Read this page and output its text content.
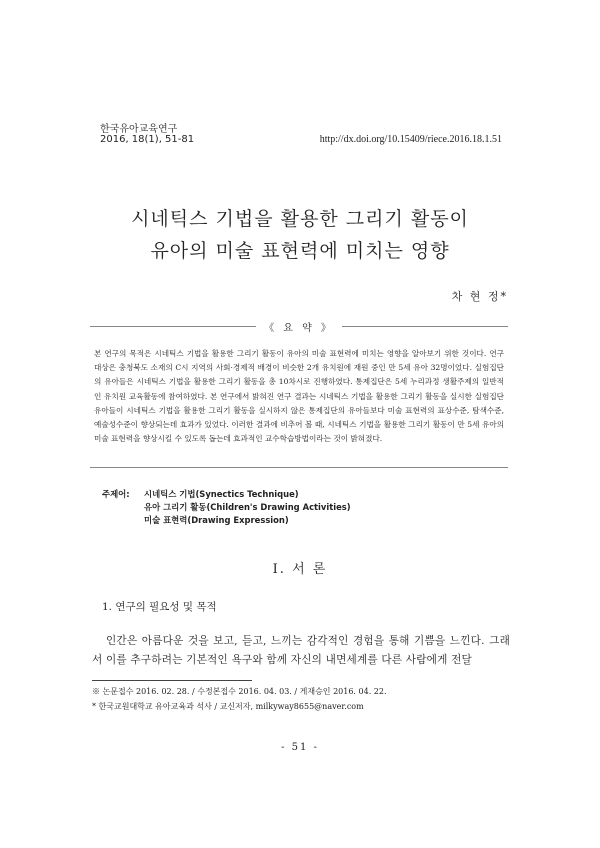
한국유아교육연구
2016, 18(1), 51-81	http://dx.doi.org/10.15409/riece.2016.18.1.51
시네틱스 기법을 활용한 그리기 활동이
유아의 미술 표현력에 미치는 영향
차 현 정*
《 요 약 》
본 연구의 목적은 시네틱스 기법을 활용한 그리기 활동이 유아의 미술 표현력에 미치는 영향을 알아보기 위한 것이다. 연구 대상은 충청북도 소재의 C시 지역의 사회·경제적 배경이 비슷한 2개 유치원에 재원 중인 만 5세 유아 32명이었다. 실험집단의 유아들은 시네틱스 기법을 활용한 그리기 활동을 총 10차시로 진행하였다. 통제집단은 5세 누리과정 생활주제의 일반적인 유치원 교육활동에 참여하였다. 본 연구에서 밝혀진 연구 결과는 시네틱스 기법을 활용한 그리기 활동을 실시한 실험집단 유아들이 시네틱스 기법을 활용한 그리기 활동을 실시하지 않은 통제집단의 유아들보다 미술 표현력의 표상수준, 탐색수준, 예술성수준이 향상되는데 효과가 있었다. 이러한 결과에 비추어 볼 때, 시네틱스 기법을 활용한 그리기 활동이 만 5세 유아의 미술 표현력을 향상시킬 수 있도록 돕는데 효과적인 교수학습방법이라는 것이 밝혀졌다.
주제어: 시네틱스 기법(Synectics Technique)
유아 그리기 활동(Children's Drawing Activities)
미술 표현력(Drawing Expression)
Ⅰ. 서 론
1. 연구의 필요성 및 목적
인간은 아름다운 것을 보고, 듣고, 느끼는 감각적인 경험을 통해 기쁨을 느낀다. 그래서 이를 추구하려는 기본적인 욕구와 함께 자신의 내면세계를 다른 사람에게 전달
※ 논문접수 2016. 02. 28. / 수정본접수 2016. 04. 03. / 게재승인 2016. 04. 22.
* 한국교원대학교 유아교육과 석사 / 교신저자, milkyway8655@naver.com
- 51 -
